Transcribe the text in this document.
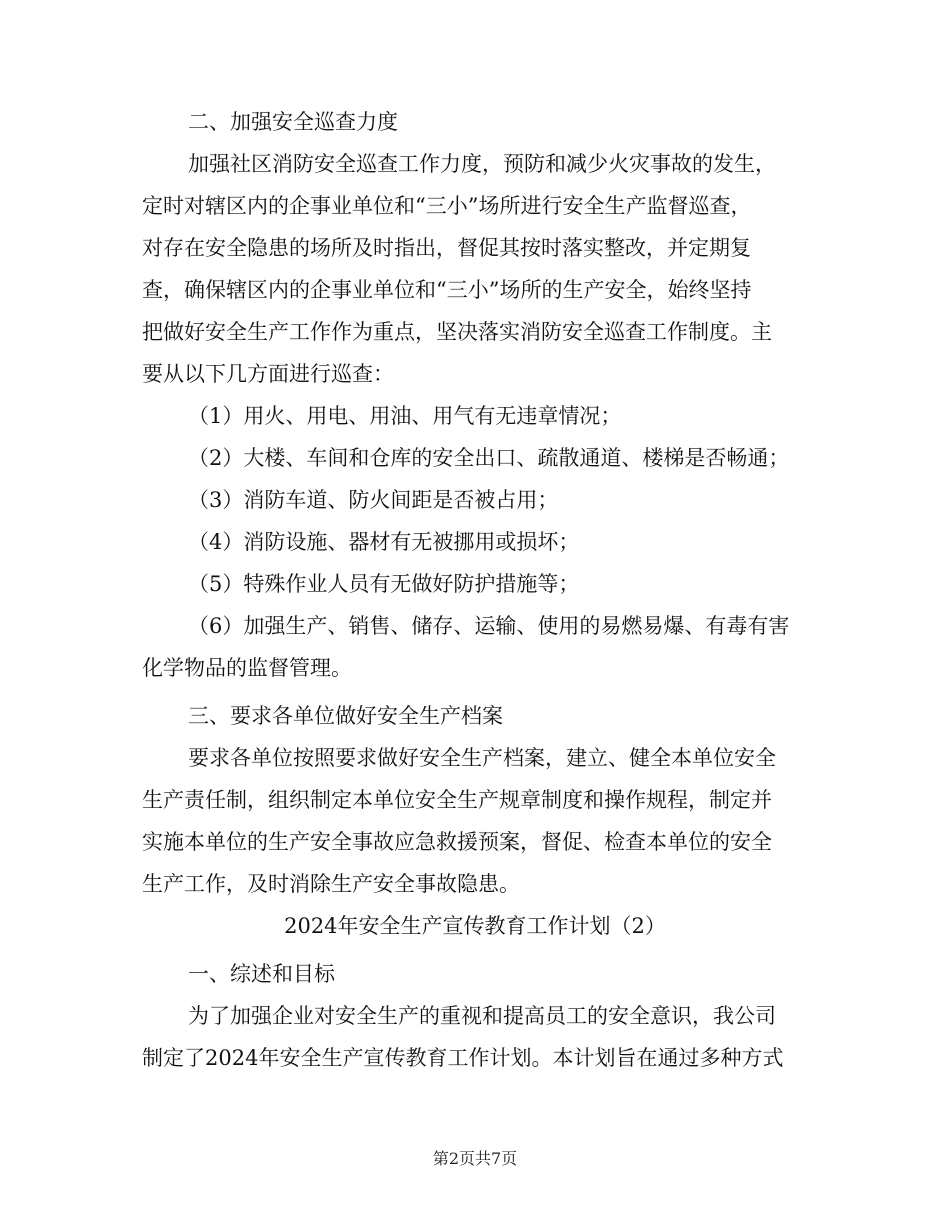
二、加强安全巡查力度
加强社区消防安全巡查工作力度，预防和减少火灾事故的发生，
定时对辖区内的企事业单位和“三小”场所进行安全生产监督巡查，
对存在安全隐患的场所及时指出，督促其按时落实整改，并定期复
查，确保辖区内的企事业单位和“三小”场所的生产安全，始终坚持
把做好安全生产工作作为重点，坚决落实消防安全巡查工作制度。主
要从以下几方面进行巡查：
（1）用火、用电、用油、用气有无违章情况；
（2）大楼、车间和仓库的安全出口、疏散通道、楼梯是否畅通；
（3）消防车道、防火间距是否被占用；
（4）消防设施、器材有无被挪用或损坏；
（5）特殊作业人员有无做好防护措施等；
（6）加强生产、销售、储存、运输、使用的易燃易爆、有毒有害
化学物品的监督管理。
三、要求各单位做好安全生产档案
要求各单位按照要求做好安全生产档案，建立、健全本单位安全
生产责任制，组织制定本单位安全生产规章制度和操作规程，制定并
实施本单位的生产安全事故应急救援预案，督促、检查本单位的安全
生产工作，及时消除生产安全事故隐患。
2024年安全生产宣传教育工作计划（2）
一、综述和目标
为了加强企业对安全生产的重视和提高员工的安全意识，我公司
制定了2024年安全生产宣传教育工作计划。本计划旨在通过多种方式
第2页共7页
